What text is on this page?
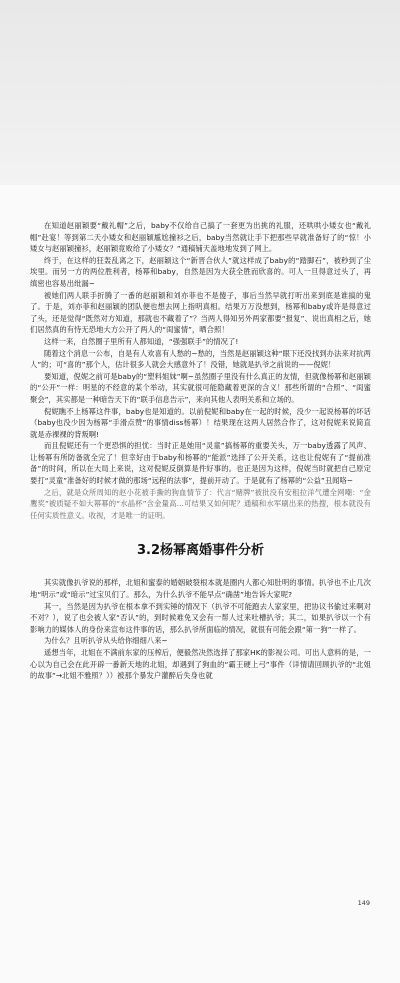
在知道赵丽颖要“戴礼帽”之后，baby不仅给自己搞了一套更为出挑的礼服，还哄哄小矮女也“戴礼帽”赴宴！等到第二天小矮女和赵丽颖尴尬撞衫之后，baby当然就让手下把那些早就准备好了的“惊！小矮女与赵丽颖撞衫，赵丽颖竟败给了小矮女？”通稿铺天盖地地发到了网上。

终于，在这样的狂轰乱离之下，赵丽颖这个“新晋合伙人”就这样成了baby的“踏脚石”，被秒到了尘埃里。而另一方的两位胜利者，杨幂和baby，自然是因为大获全胜而欣喜的。可人一旦得意过头了，再缜密也容易出纰漏~

被她们两人联手折腾了一番的赵丽颖和刘亦菲也不是傻子，事后当然早就打听出来到底是谁搞的鬼了。于是，刘亦菲和赵丽颖的团队便也想去网上指明真相。结果万万没想到，杨幂和baby或许是得意过了头，还是觉得“既然对方知道，那就也不藏着了”？当两人得知另外两家都要“报复”、说出真相之后，她们居然真的有恃无恐地大方公开了两人的“闺蜜情”，晒合照！

这样一来，自然圈子里所有人都知道，“强强联手”的情况了!

随着这个消息一公布，自是有人欢喜有人愁的~愁的，当然是赵丽颖这种“眼下还没找到办法来对抗两人”的；可“喜的”那个人，估计很多人就会大感意外了！没错，她就是扒爷之前说的——倪妮！

要知道，倪妮之前可是baby的“塑料姐妹”啊~虽然圈子里没有什么真正的友情，但就像杨幂和赵丽颖的“公开”一样：明星的不经意的某个举动，其实就很可能隐藏着更深的含义！那些所谓的“合照”、“闺蜜聚会”，其实都是一种暗告天下的“联手信息告示”，来向其他人表明关系和立场的。

倪妮瞧不上杨幂这件事，baby也是知道的。以前倪妮和baby在一起的时候，没少一起说杨幂的坏话（baby也没少因为杨幂“手滑点赞”的事情diss杨幂）！结果现在这两人居然合作了，这对倪妮来说简直就是赤裸裸的背叛啊!

而且倪妮还有一个更恐惧的担忧：当时正是她用“灵童”搞杨幂的重要关头，万一baby透露了风声、让杨幂有所防备就全完了！但幸好由于baby和杨幂的“能派”选择了公开关系，这也让倪妮有了“提前准备”的时间，所以在大局上来说，这对倪妮反倒算是件好事的。也正是因为这样，倪妮当时就把自己原定要打“灵童”准备好的时候才做的那场“远程的法事”，提前开动了。于是就有了杨幂的“公益”丑闻咯~

之后，就是众所周知的赵小花被手撕的狗血情节了：代言“赌牌”被批没有安租拉洋气遭全网嘲：“金鹰奖”被质疑不如大幂幂的“水晶杯”含金量高…可结果又如何呢？通稿和水军刷出来的热搜，根本就没有任何实质性意义。收视，才是唯一的证明。

3.2杨幂离婚事件分析

其实就像扒爷说的那样，北姐和蜜泰的婚姻破裂根本就是圈内人都心知肚明的事情。扒爷也不止几次地“明示”或“暗示”过宝贝们了。那么，为什么扒爷不能早点“确凿”地告诉大家呢?

其一，当然是因为扒爷在根本拿不到实锤的情况下（扒爷不可能跑去人家家里，把协议书偷过来啊对不对？），说了也会被人家“否认”的，到时候难免又会有一帮人过来吐槽扒爷；其二，如果扒爷以一个有影响力的媒体人的身份来宣布这件事的话，那么扒爷所面临的情况，就很有可能会跟“第一狗”一样了。

为什么？且听扒爷从头给你细细八来~

遥想当年，北姐在不满前东家的压榨后，便毅然决然选择了那家HK的影视公司。可出人意料的是，一心以为自己会在此开辟一番新天地的北姐，却遇到了狗血的“霸王硬上弓”事件（详情请回顾扒爷的“北姐的故事”→北姐不雅照？））被那个暴发户灌醉后失身也就

149
